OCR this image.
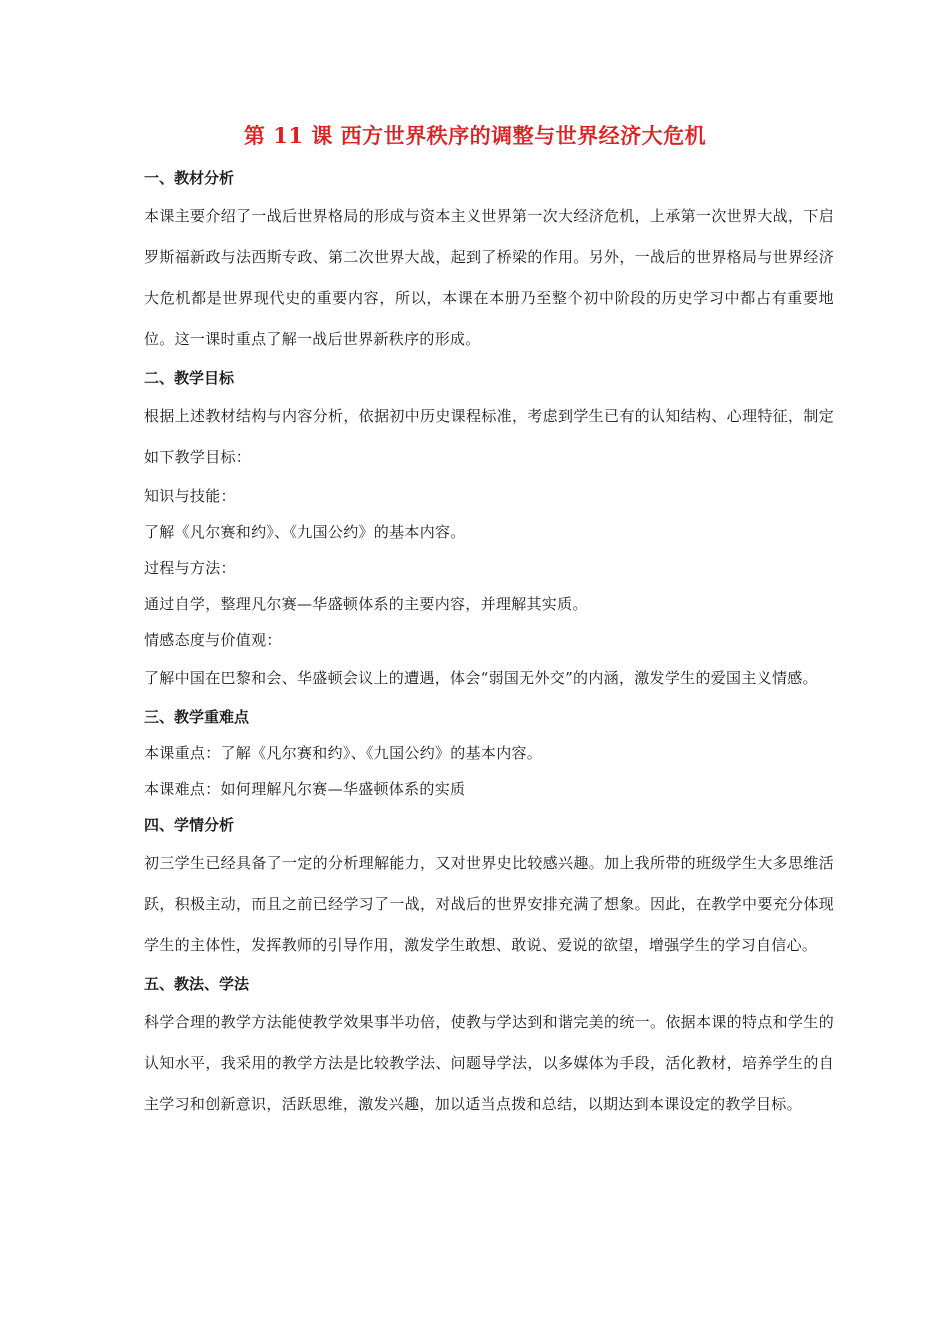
第 11 课 西方世界秩序的调整与世界经济大危机
一、教材分析
本课主要介绍了一战后世界格局的形成与资本主义世界第一次大经济危机，上承第一次世界大战，下启罗斯福新政与法西斯专政、第二次世界大战，起到了桥梁的作用。另外，一战后的世界格局与世界经济大危机都是世界现代史的重要内容，所以，本课在本册乃至整个初中阶段的历史学习中都占有重要地位。这一课时重点了解一战后世界新秩序的形成。
二、教学目标
根据上述教材结构与内容分析，依据初中历史课程标准，考虑到学生已有的认知结构、心理特征，制定如下教学目标：
知识与技能：
了解《凡尔赛和约》、《九国公约》的基本内容。
过程与方法：
通过自学，整理凡尔赛—华盛顿体系的主要内容，并理解其实质。
情感态度与价值观：
了解中国在巴黎和会、华盛顿会议上的遭遇，体会“弱国无外交”的内涵，激发学生的爱国主义情感。
三、教学重难点
本课重点：了解《凡尔赛和约》、《九国公约》的基本内容。
本课难点：如何理解凡尔赛—华盛顿体系的实质
四、学情分析
初三学生已经具备了一定的分析理解能力，又对世界史比较感兴趣。加上我所带的班级学生大多思维活跃，积极主动，而且之前已经学习了一战，对战后的世界安排充满了想象。因此，在教学中要充分体现学生的主体性，发挥教师的引导作用，激发学生敢想、敢说、爱说的欲望，增强学生的学习自信心。
五、教法、学法
科学合理的教学方法能使教学效果事半功倍，使教与学达到和谐完美的统一。依据本课的特点和学生的认知水平，我采用的教学方法是比较教学法、问题导学法，以多媒体为手段，活化教材，培养学生的自主学习和创新意识，活跃思维，激发兴趣，加以适当点拨和总结，以期达到本课设定的教学目标。
